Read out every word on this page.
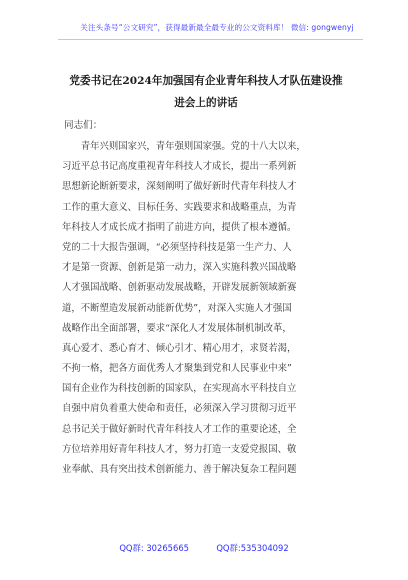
关注头条号“公文研究”，获得最新最全最专业的公文资料库！ 微信: gongwenyj
党委书记在2024年加强国有企业青年科技人才队伍建设推
进会上的讲话
同志们：
　　青年兴则国家兴，青年强则国家强。党的十八大以来，
习近平总书记高度重视青年科技人才成长，提出一系列新
思想新论断新要求，深刻阐明了做好新时代青年科技人才
工作的重大意义、目标任务、实践要求和战略重点，为青
年科技人才成长成才指明了前进方向，提供了根本遵循。
党的二十大报告强调，“必须坚持科技是第一生产力、人
才是第一资源、创新是第一动力，深入实施科教兴国战略
人才强国战略、创新驱动发展战略，开辟发展新领域新赛
道，不断塑造发展新动能新优势”，对深入实施人才强国
战略作出全面部署，要求“深化人才发展体制机制改革，
真心爱才、悉心育才、倾心引才、精心用才，求贤若渴，
不拘一格，把各方面优秀人才聚集到党和人民事业中来”
国有企业作为科技创新的国家队，在实现高水平科技自立
自强中肩负着重大使命和责任，必须深入学习贯彻习近平
总书记关于做好新时代青年科技人才工作的重要论述，全
方位培养用好青年科技人才，努力打造一支爱党报国、敬
业奉献、具有突出技术创新能力、善于解决复杂工程问题
QQ群: 30265665	QQ群:535304092
